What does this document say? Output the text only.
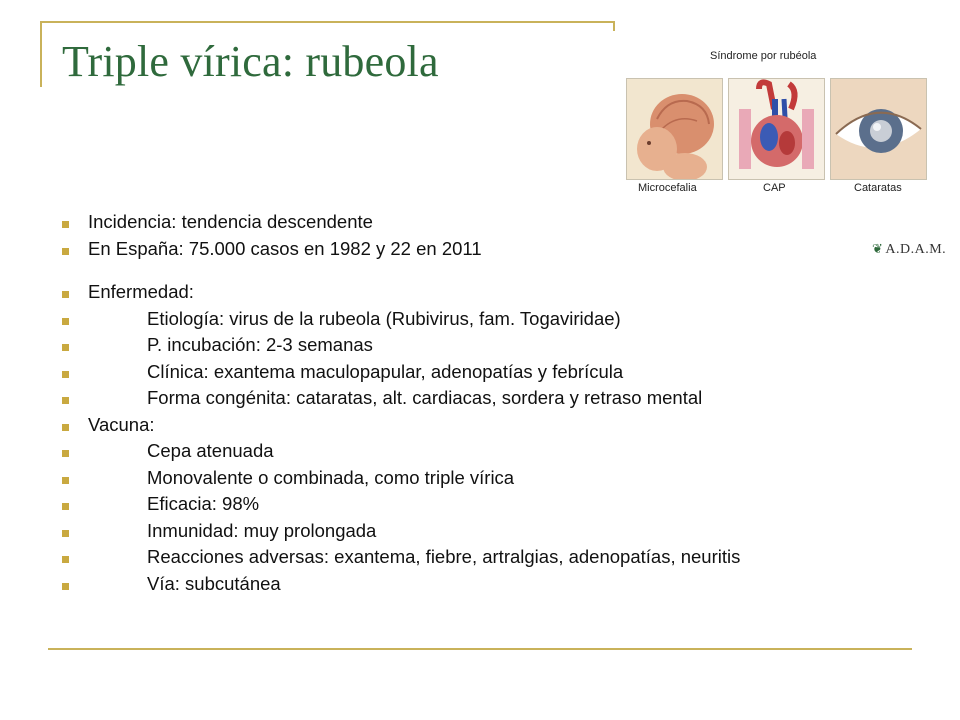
Triple vírica: rubeola	Síndrome por rubéola
Microcefalia	CAP	Cataratas
❦ A.D.A.M.
Incidencia: tendencia descendente
En España: 75.000 casos en 1982 y 22 en 2011
Enfermedad:
Etiología: virus de la rubeola (Rubivirus, fam. Togaviridae)
P. incubación: 2-3 semanas
Clínica: exantema maculopapular, adenopatías y febrícula
Forma congénita: cataratas, alt. cardiacas, sordera y retraso mental
Vacuna:
Cepa atenuada
Monovalente o combinada, como triple vírica
Eficacia: 98%
Inmunidad: muy prolongada
Reacciones adversas: exantema, fiebre, artralgias, adenopatías, neuritis
Vía: subcutánea
